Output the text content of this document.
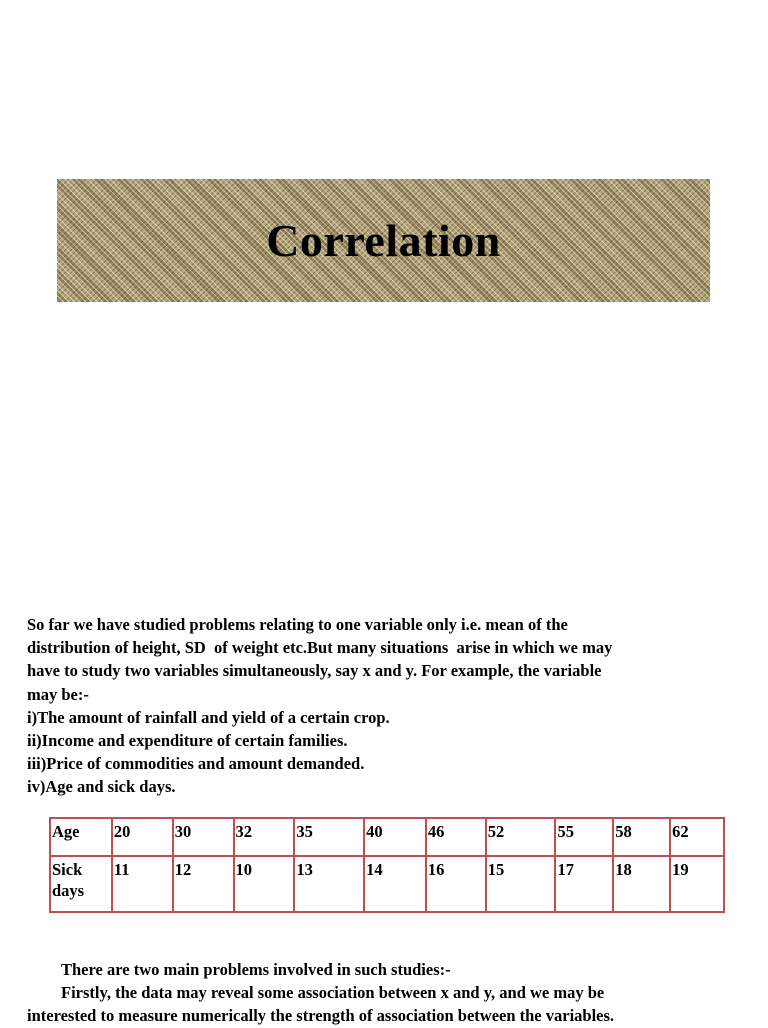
Correlation

So far we have studied problems relating to one variable only i.e. mean of the

distribution of height, SD  of weight etc.But many situations  arise in which we may

have to study two variables simultaneously, say x and y. For example, the variable

may be:-

i)The amount of rainfall and yield of a certain crop.

ii)Income and expenditure of certain families.

iii)Price of commodities and amount demanded.

iv)Age and sick days.

Age	20	30	32	35	40	46	52	55	58	62
Sick days	11	12	10	13	14	16	15	17	18	19

There are two main problems involved in such studies:-

Firstly, the data may reveal some association between x and y, and we may be

interested to measure numerically the strength of association between the variables.
